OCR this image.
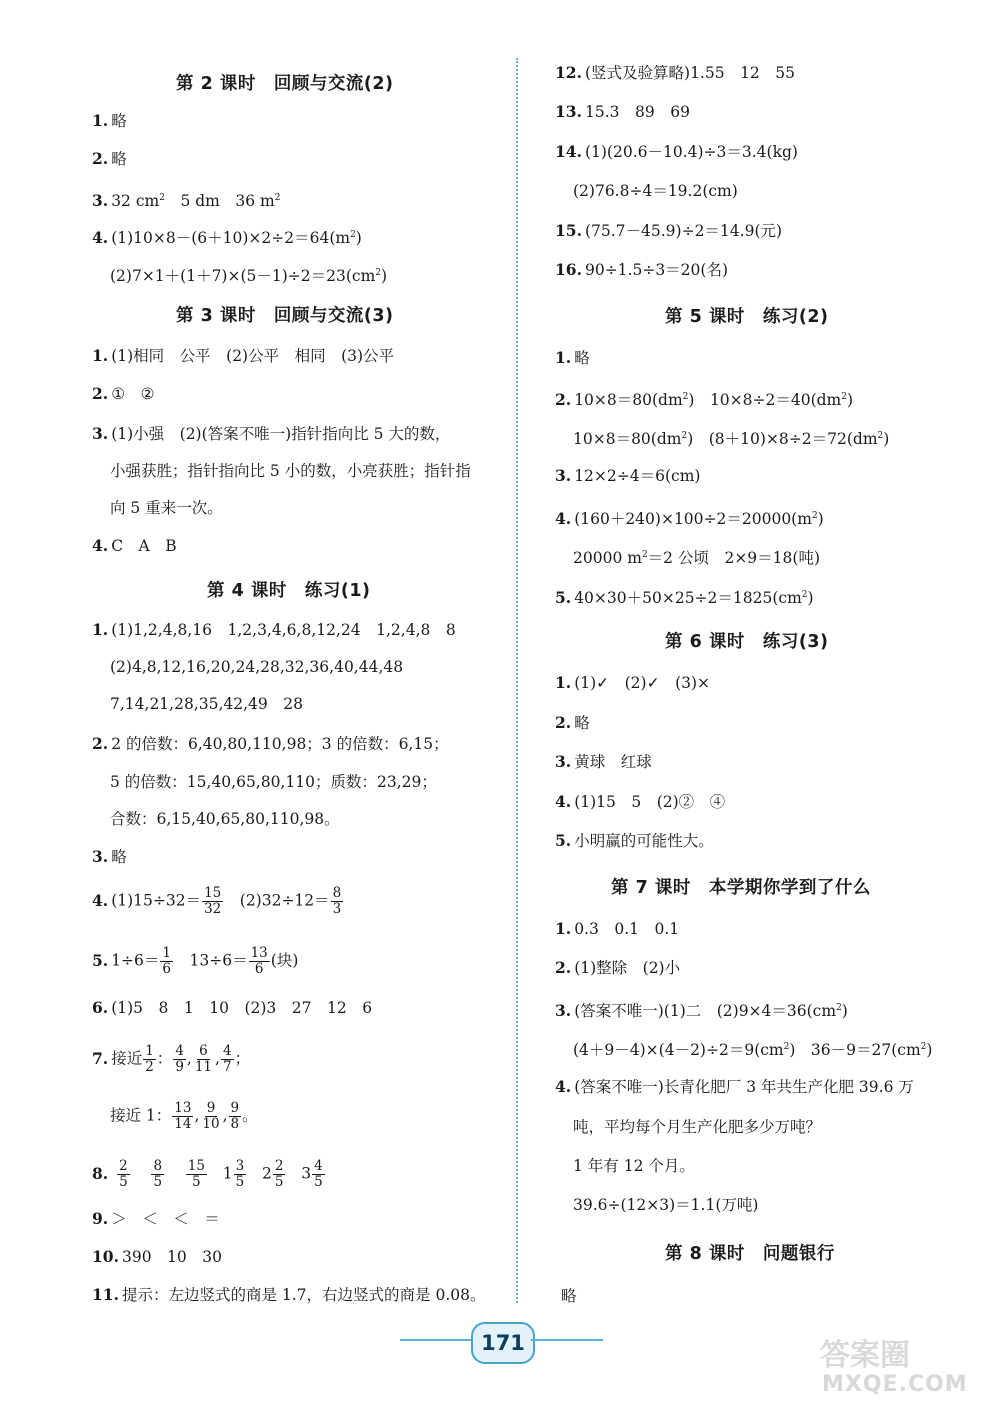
第 2 课时　回顾与交流(2)
1. 略
2. 略
3. 32 $cm^2$　5 dm　36 $m^2$
4. $(1)10\times 8-(6+10)\times 2\div 2=64(m^2)$
$(2)7\times 1+(1+7)\times(5-1)\div 2=23(cm^2)$
第 3 课时　回顾与交流(3)
1. (1)相同　公平　(2)公平　相同　(3)公平
2. ①　②
3. (1)小强　(2)(答案不唯一)指针指向比 5 大的数，
小强获胜；指针指向比 5 小的数，小亮获胜；指针指
向 5 重来一次。
4. C　A　B
第 4 课时　练习(1)
1. (1)1,2,4,8,16　1,2,3,4,6,8,12,24　1,2,4,8　8
(2)4,8,12,16,20,24,28,32,36,40,44,48
7,14,21,28,35,42,49　28
2. 2 的倍数：6,40,80,110,98；3 的倍数：6,15；
5 的倍数：15,40,65,80,110；质数：23,29；
合数：6,15,40,65,80,110,98。
3. 略
4. $(1)15\div 32= \frac{15}{32}$ 　$(2)32\div 12= \frac{8}{3}$
5. $1\div 6= \frac{1}{6}$ 　$13\div 6= \frac{13}{6}$ (块)
6. (1)5　8　1　10　(2)3　27　12　6
7. 接近 $\frac{1}{2}$ ： $\frac{4}{9}$ , $\frac{6}{11}$ , $\frac{4}{7}$ ；
接近 1： $\frac{13}{14}$ , $\frac{9}{10}$ , $\frac{9}{8}$ 。
8. $\frac{2}{5}$
$\frac{8}{5}$
$\frac{15}{5} 1 \frac{3}{5} 2 \frac{2}{5} 3 \frac{4}{5}$
9. ＞　＜　＜　＝
10. 390　10　30
11. 提示：左边竖式的商是 1.7，右边竖式的商是 0.08。
12. (竖式及验算略)1.55　12　55
13. 15.3　89　69
14. (1)(20.6－10.4)÷3＝3.4(kg)
(2)76.8÷4＝19.2(cm)
15. (75.7－45.9)÷2＝14.9(元)
16. 90÷1.5÷3＝20(名)
第 5 课时　练习(2)
1. 略
2. $10\times 8=80(dm^2)$　$10\times 8\div 2=40(dm^2)$
$10\times 8=80(dm^2)$　$(8+10)\times 8\div 2=72(dm^2)$
3. 12×2÷4＝6(cm)
4. $(160+240)\times 100\div 2=20000(m^2)$
20000 $m^2=2$ 公顷　2×9＝18(吨)
5. $40\times 30+50\times 25\div 2=1825(cm^2)$
第 6 课时　练习(3)
1. (1)✓　(2)✓　(3)×
2. 略
3. 黄球　红球
4. (1)15　5　(2)②　④
5. 小明赢的可能性大。
第 7 课时　本学期你学到了什么
1. 0.3　0.1　0.1
2. (1)整除　(2)小
3. (答案不唯一)(1)二　$(2)9\times 4=36(cm^2)$
$(4+9-4)\times(4-2)\div 2=9(cm^2)$　$36-9=27(cm^2)$
4. (答案不唯一)长青化肥厂 3 年共生产化肥 39.6 万
吨，平均每个月生产化肥多少万吨？
1 年有 12 个月。
39.6÷(12×3)＝1.1(万吨)
第 8 课时　问题银行
略
171	答案圈
MXQE.COM
